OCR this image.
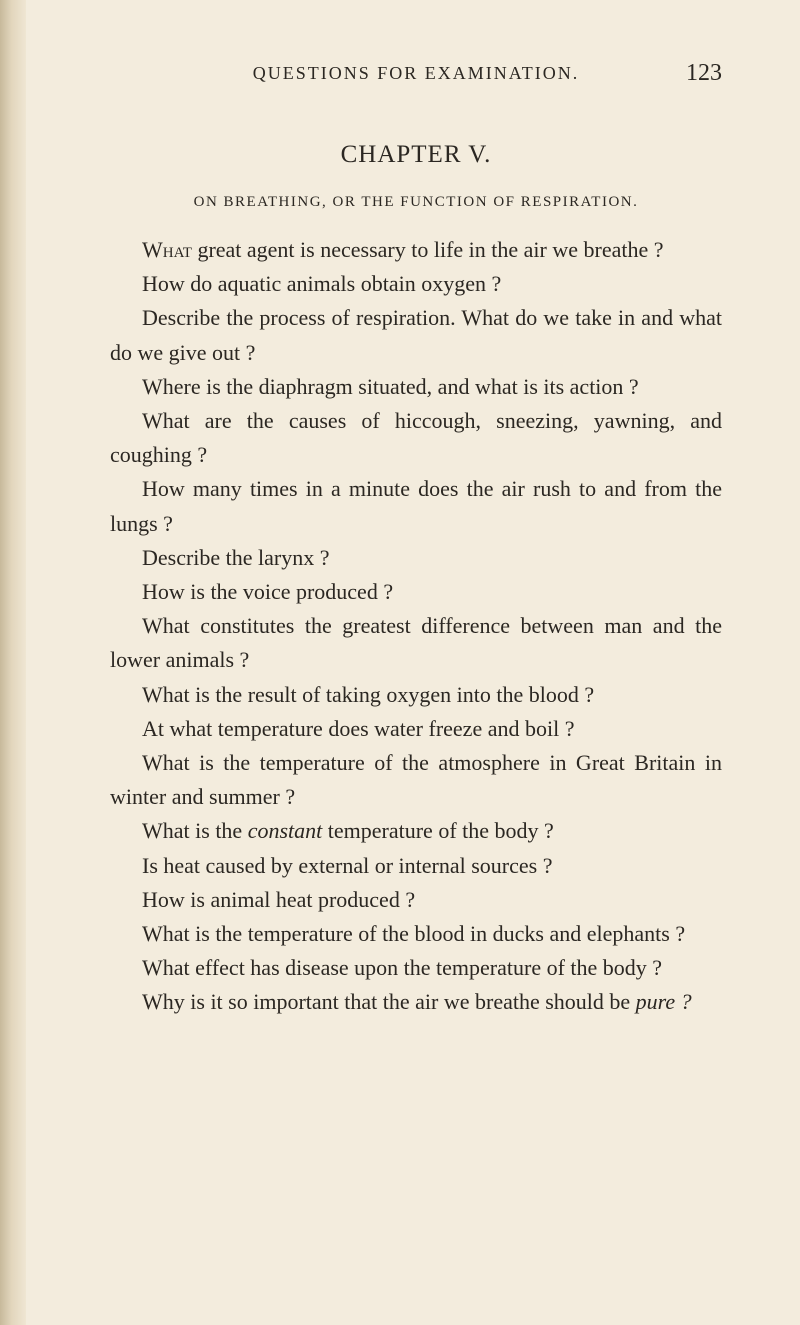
QUESTIONS FOR EXAMINATION.	123
CHAPTER V.
ON BREATHING, OR THE FUNCTION OF RESPIRATION.

What great agent is necessary to life in the air we breathe ?

How do aquatic animals obtain oxygen ?

Describe the process of respiration. What do we take in and what do we give out ?

Where is the diaphragm situated, and what is its action ?

What are the causes of hiccough, sneezing, yawning, and coughing ?

How many times in a minute does the air rush to and from the lungs ?

Describe the larynx ?

How is the voice produced ?

What constitutes the greatest difference between man and the lower animals ?

What is the result of taking oxygen into the blood ?

At what temperature does water freeze and boil ?

What is the temperature of the atmosphere in Great Britain in winter and summer ?

What is the constant temperature of the body ?

Is heat caused by external or internal sources ?

How is animal heat produced ?

What is the temperature of the blood in ducks and elephants ?

What effect has disease upon the temperature of the body ?

Why is it so important that the air we breathe should be pure ?
